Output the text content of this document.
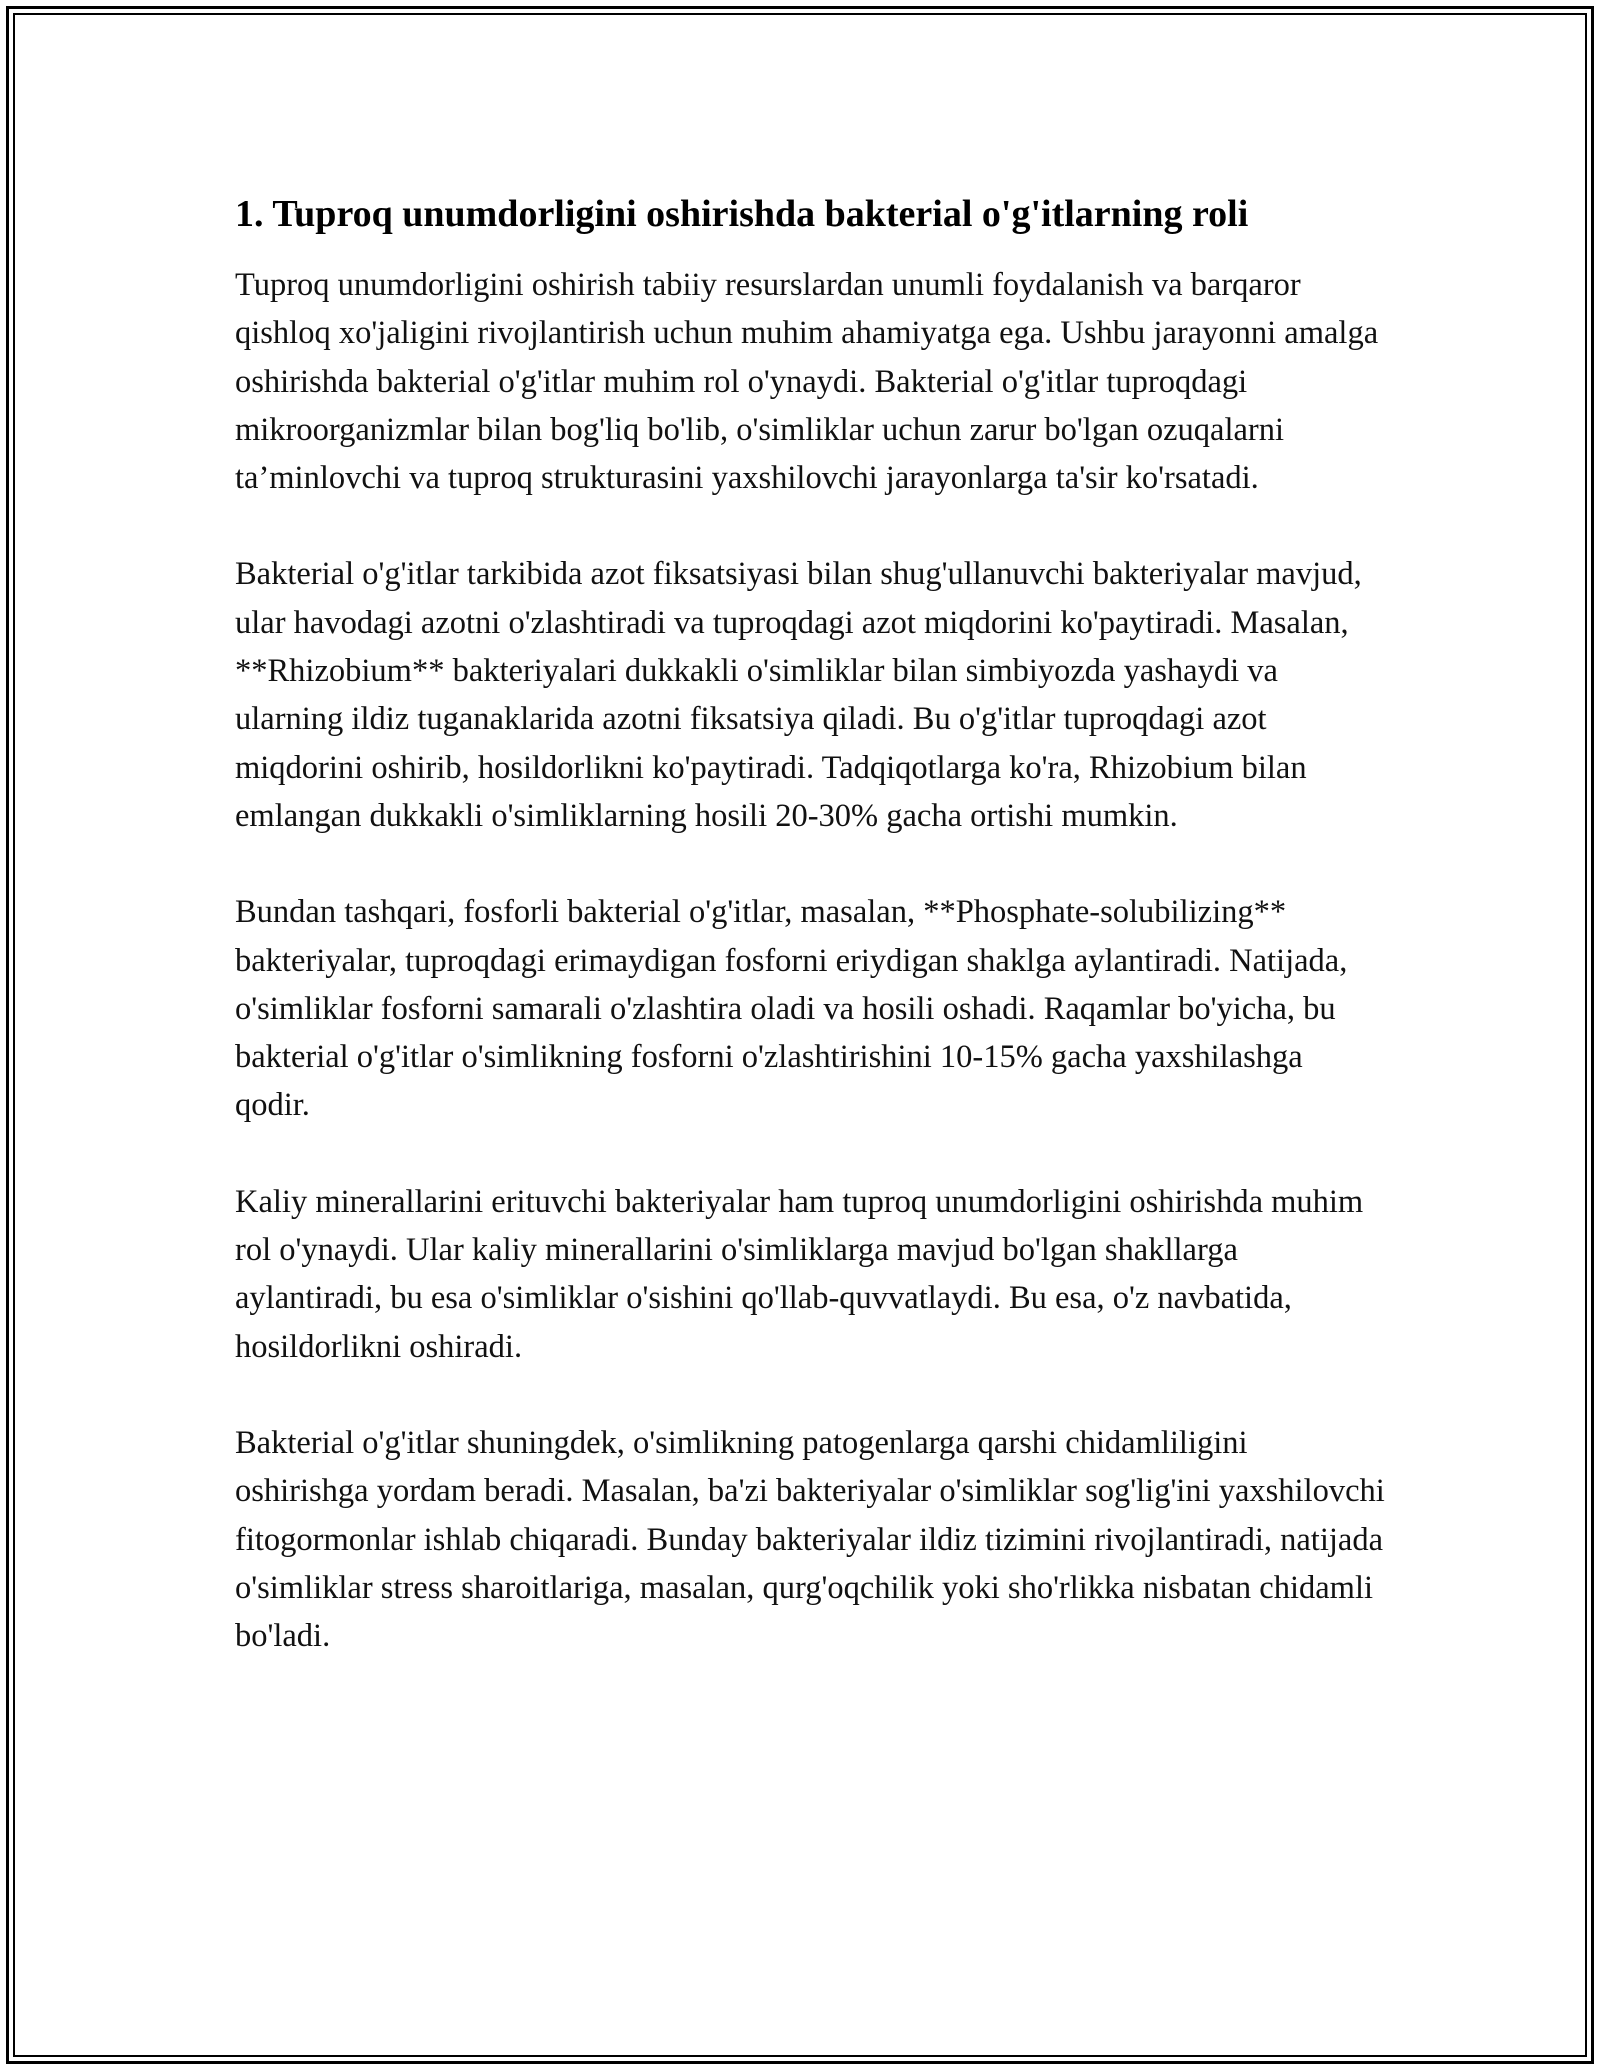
1. Tuproq unumdorligini oshirishda bakterial o'g'itlarning roli

Tuproq unumdorligini oshirish tabiiy resurslardan unumli foydalanish va barqaror qishloq xo'jaligini rivojlantirish uchun muhim ahamiyatga ega. Ushbu jarayonni amalga oshirishda bakterial o'g'itlar muhim rol o'ynaydi. Bakterial o'g'itlar tuproqdagi mikroorganizmlar bilan bog'liq bo'lib, o'simliklar uchun zarur bo'lgan ozuqalarni ta’minlovchi va tuproq strukturasini yaxshilovchi jarayonlarga ta'sir ko'rsatadi.

Bakterial o'g'itlar tarkibida azot fiksatsiyasi bilan shug'ullanuvchi bakteriyalar mavjud, ular havodagi azotni o'zlashtiradi va tuproqdagi azot miqdorini ko'paytiradi. Masalan, **Rhizobium** bakteriyalari dukkakli o'simliklar bilan simbiyozda yashaydi va ularning ildiz tuganaklarida azotni fiksatsiya qiladi. Bu o'g'itlar tuproqdagi azot miqdorini oshirib, hosildorlikni ko'paytiradi. Tadqiqotlarga ko'ra, Rhizobium bilan emlangan dukkakli o'simliklarning hosili 20-30% gacha ortishi mumkin.

Bundan tashqari, fosforli bakterial o'g'itlar, masalan, **Phosphate-solubilizing** bakteriyalar, tuproqdagi erimaydigan fosforni eriydigan shaklga aylantiradi. Natijada, o'simliklar fosforni samarali o'zlashtira oladi va hosili oshadi. Raqamlar bo'yicha, bu bakterial o'g'itlar o'simlikning fosforni o'zlashtirishini 10-15% gacha yaxshilashga qodir.

Kaliy minerallarini erituvchi bakteriyalar ham tuproq unumdorligini oshirishda muhim rol o'ynaydi. Ular kaliy minerallarini o'simliklarga mavjud bo'lgan shakllarga aylantiradi, bu esa o'simliklar o'sishini qo'llab-quvvatlaydi. Bu esa, o'z navbatida, hosildorlikni oshiradi.

Bakterial o'g'itlar shuningdek, o'simlikning patogenlarga qarshi chidamliligini oshirishga yordam beradi. Masalan, ba'zi bakteriyalar o'simliklar sog'lig'ini yaxshilovchi fitogormonlar ishlab chiqaradi. Bunday bakteriyalar ildiz tizimini rivojlantiradi, natijada o'simliklar stress sharoitlariga, masalan, qurg'oqchilik yoki sho'rlikka nisbatan chidamli bo'ladi.
